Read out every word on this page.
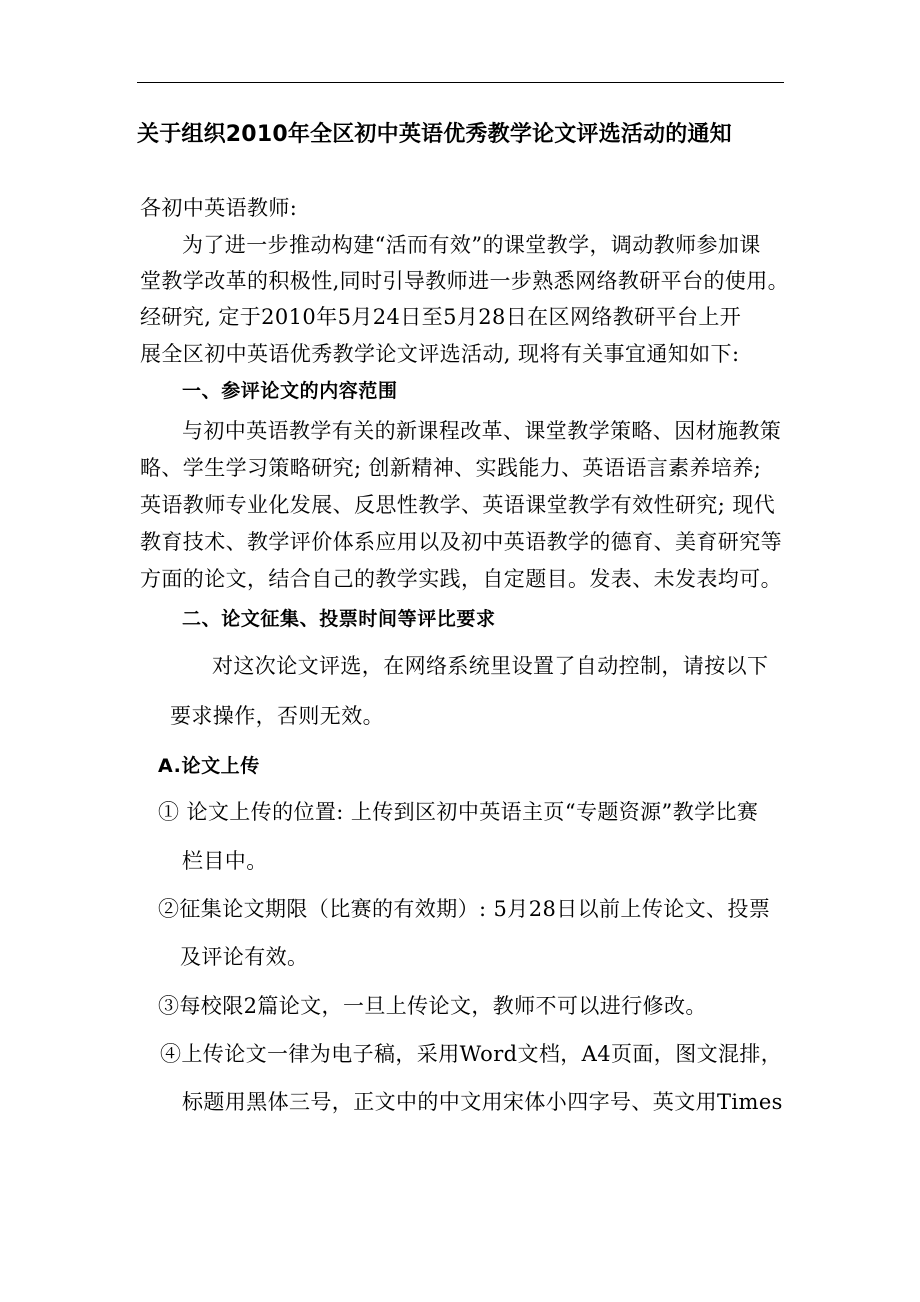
关于组织2010年全区初中英语优秀教学论文评选活动的通知
各初中英语教师:
为了进一步推动构建“活而有效”的课堂教学，调动教师参加课
堂教学改革的积极性,同时引导教师进一步熟悉网络教研平台的使用。
经研究, 定于2010年5月24日至5月28日在区网络教研平台上开
展全区初中英语优秀教学论文评选活动, 现将有关事宜通知如下:
一、参评论文的内容范围
与初中英语教学有关的新课程改革、课堂教学策略、因材施教策
略、学生学习策略研究; 创新精神、实践能力、英语语言素养培养;
英语教师专业化发展、反思性教学、英语课堂教学有效性研究; 现代
教育技术、教学评价体系应用以及初中英语教学的德育、美育研究等
方面的论文，结合自己的教学实践，自定题目。发表、未发表均可。
二、论文征集、投票时间等评比要求
对这次论文评选，在网络系统里设置了自动控制，请按以下
要求操作，否则无效。
A.论文上传
① 论文上传的位置: 上传到区初中英语主页“专题资源”教学比赛
栏目中。
②征集论文期限（比赛的有效期）: 5月28日以前上传论文、投票
及评论有效。
③每校限2篇论文，一旦上传论文，教师不可以进行修改。
④上传论文一律为电子稿，采用Word文档，A4页面，图文混排，
标题用黑体三号，正文中的中文用宋体小四字号、英文用Times
